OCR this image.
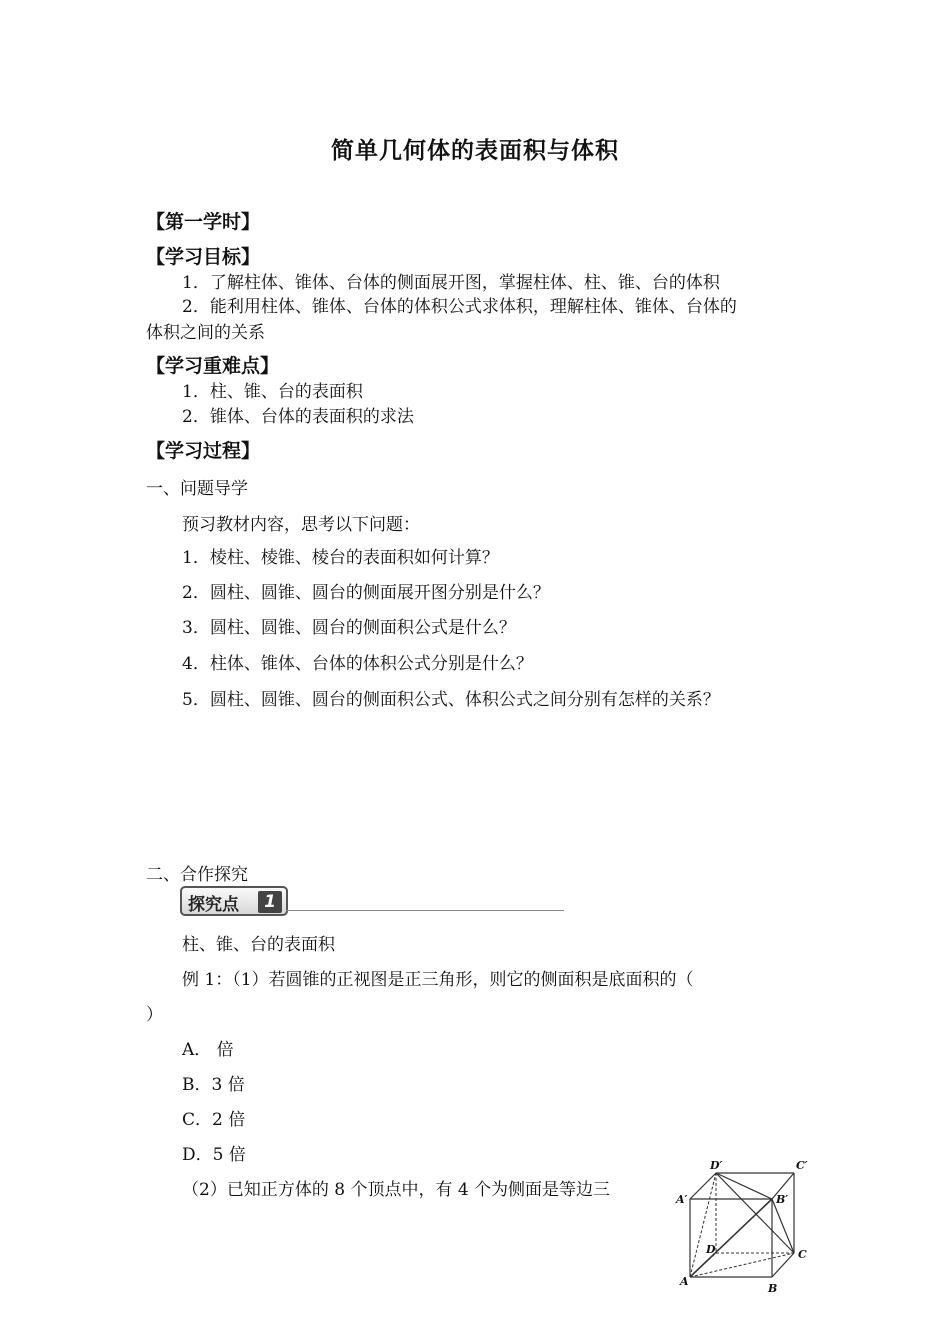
简单几何体的表面积与体积
【第一学时】
【学习目标】
1．了解柱体、锥体、台体的侧面展开图，掌握柱体、柱、锥、台的体积
2．能利用柱体、锥体、台体的体积公式求体积，理解柱体、锥体、台体的
体积之间的关系
【学习重难点】
1．柱、锥、台的表面积
2．锥体、台体的表面积的求法
【学习过程】
一、问题导学
预习教材内容，思考以下问题：
1．棱柱、棱锥、棱台的表面积如何计算？
2．圆柱、圆锥、圆台的侧面展开图分别是什么？
3．圆柱、圆锥、圆台的侧面积公式是什么？
4．柱体、锥体、台体的体积公式分别是什么？
5．圆柱、圆锥、圆台的侧面积公式、体积公式之间分别有怎样的关系？
二、合作探究
探究点	1
柱、锥、台的表面积
例 1：（1）若圆锥的正视图是正三角形，则它的侧面积是底面积的（
）
A． 倍
B．3 倍
C．2 倍
D．5 倍
（2）已知正方体的 8 个顶点中，有 4 个为侧面是等边三
D′	C′
A′	B′
D	C
A
B
